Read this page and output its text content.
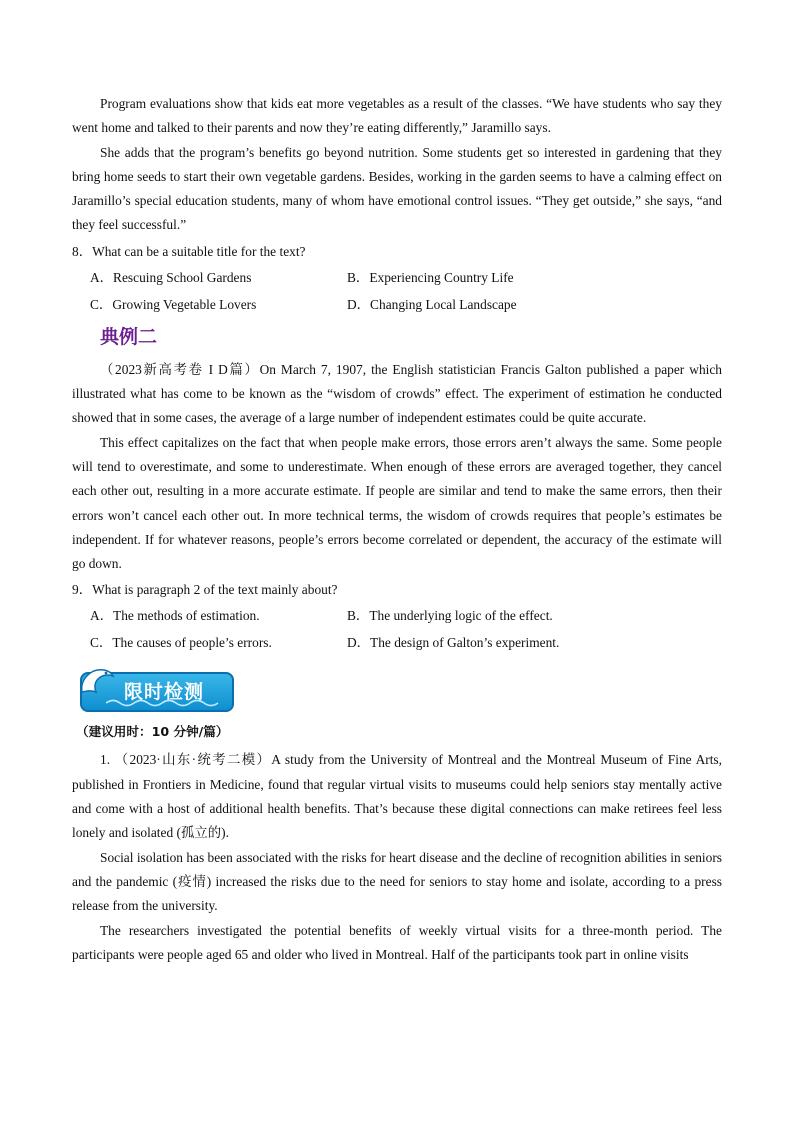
Program evaluations show that kids eat more vegetables as a result of the classes. “We have students who say they went home and talked to their parents and now they’re eating differently,” Jaramillo says.

She adds that the program’s benefits go beyond nutrition. Some students get so interested in gardening that they bring home seeds to start their own vegetable gardens. Besides, working in the garden seems to have a calming effect on Jaramillo’s special education students, many of whom have emotional control issues. “They get outside,” she says, “and they feel successful.”

8．What can be a suitable title for the text?

A．Rescuing School Gardens	B．Experiencing Country Life
C．Growing Vegetable Lovers	D．Changing Local Landscape
典例二

（2023新高考卷 I D篇）On March 7, 1907, the English statistician Francis Galton published a paper which illustrated what has come to be known as the “wisdom of crowds” effect. The experiment of estimation he conducted showed that in some cases, the average of a large number of independent estimates could be quite accurate.

This effect capitalizes on the fact that when people make errors, those errors aren’t always the same. Some people will tend to overestimate, and some to underestimate. When enough of these errors are averaged together, they cancel each other out, resulting in a more accurate estimate. If people are similar and tend to make the same errors, then their errors won’t cancel each other out. In more technical terms, the wisdom of crowds requires that people’s estimates be independent. If for whatever reasons, people’s errors become correlated or dependent, the accuracy of the estimate will go down.

9．What is paragraph 2 of the text mainly about?

A．The methods of estimation.	B．The underlying logic of the effect.
C．The causes of people’s errors.	D．The design of Galton’s experiment.
限时检测
（建议用时：10 分钟/篇）

1. （2023·山东·统考二模）A study from the University of Montreal and the Montreal Museum of Fine Arts, published in Frontiers in Medicine, found that regular virtual visits to museums could help seniors stay mentally active and come with a host of additional health benefits. That’s because these digital connections can make retirees feel less lonely and isolated (孤立的).

Social isolation has been associated with the risks for heart disease and the decline of recognition abilities in seniors and the pandemic (疫情) increased the risks due to the need for seniors to stay home and isolate, according to a press release from the university.

The researchers investigated the potential benefits of weekly virtual visits for a three-month period. The participants were people aged 65 and older who lived in Montreal. Half of the participants took part in online visits
